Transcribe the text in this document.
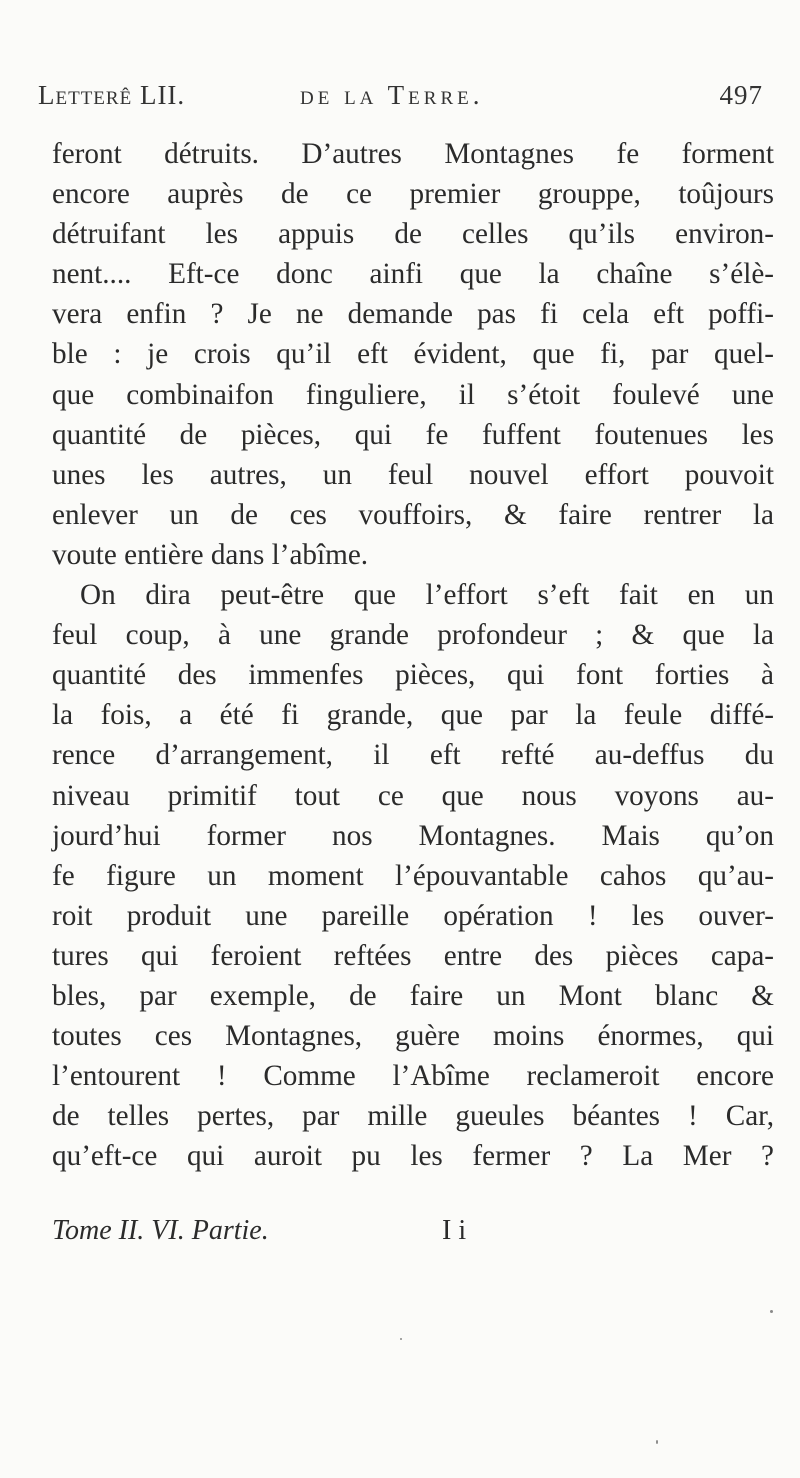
Letterê LII.	de la Terre.	497
feront détruits. D’autres Montagnes fe forment
encore auprès de ce premier grouppe, toûjours
détruifant les appuis de celles qu’ils environ-
nent.... Eft-ce donc ainfi que la chaîne s’élè-
vera enfin ? Je ne demande pas fi cela eft poffi-
ble : je crois qu’il eft évident, que fi, par quel-
que combinaifon finguliere, il s’étoit foulevé une
quantité de pièces, qui fe fuffent foutenues les
unes les autres, un feul nouvel effort pouvoit
enlever un de ces vouffoirs, & faire rentrer la
voute entière dans l’abîme.
On dira peut-être que l’effort s’eft fait en un
feul coup, à une grande profondeur ; & que la
quantité des immenfes pièces, qui font forties à
la fois, a été fi grande, que par la feule diffé-
rence d’arrangement, il eft refté au-deffus du
niveau primitif tout ce que nous voyons au-
jourd’hui former nos Montagnes. Mais qu’on
fe figure un moment l’épouvantable cahos qu’au-
roit produit une pareille opération ! les ouver-
tures qui feroient reftées entre des pièces capa-
bles, par exemple, de faire un Mont blanc &
toutes ces Montagnes, guère moins énormes, qui
l’entourent ! Comme l’Abîme reclameroit encore
de telles pertes, par mille gueules béantes ! Car,
qu’eft-ce qui auroit pu les fermer ? La Mer ?
Tome II. VI. Partie.	I i
